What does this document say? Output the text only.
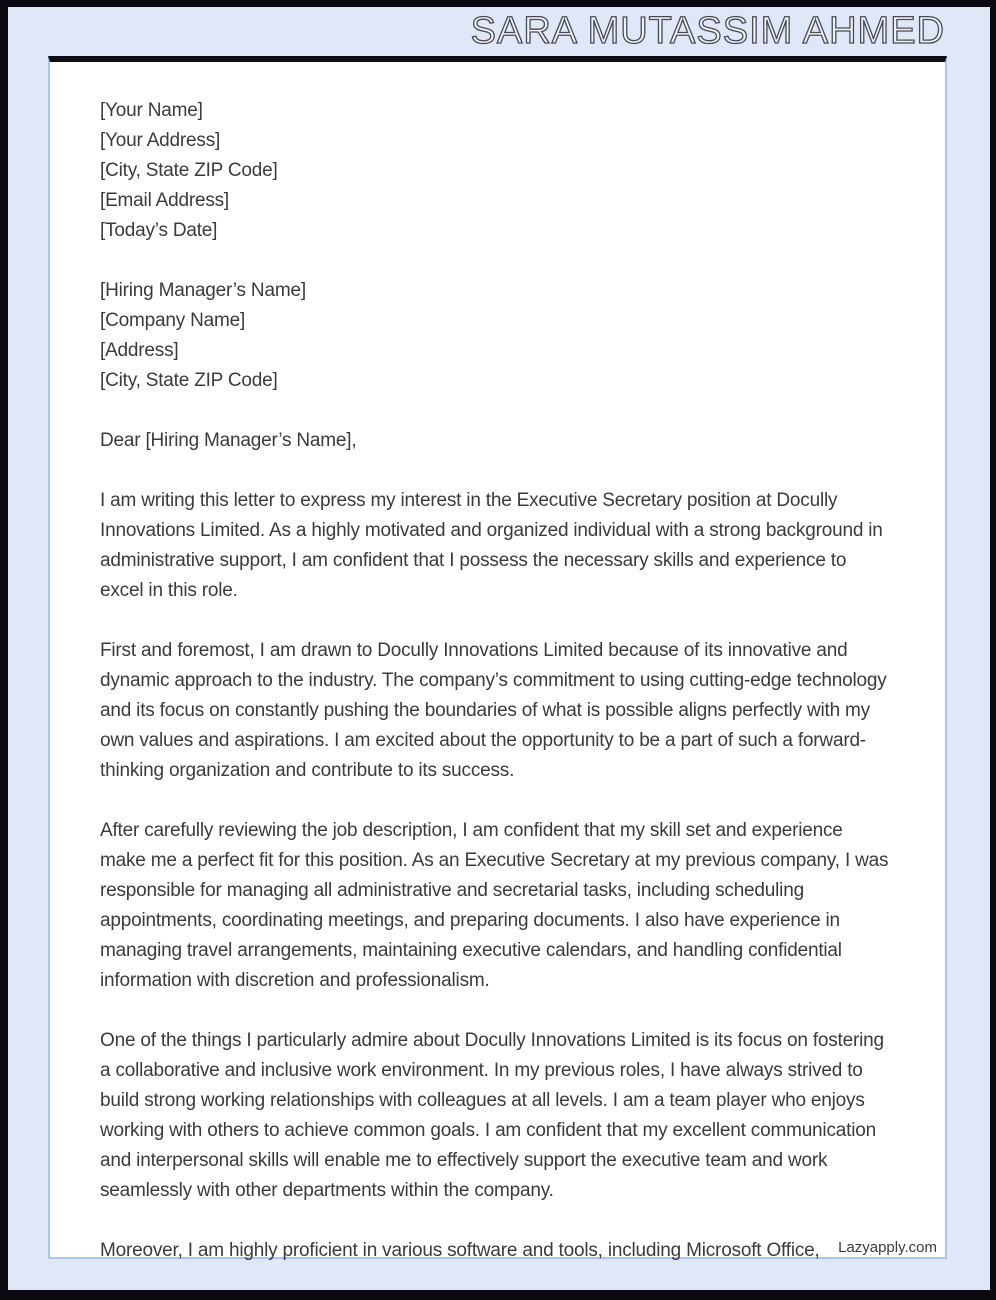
SARA MUTASSIM AHMED
[Your Name]
[Your Address]
[City, State ZIP Code]
[Email Address]
[Today’s Date]
[Hiring Manager’s Name]
[Company Name]
[Address]
[City, State ZIP Code]
Dear [Hiring Manager’s Name],

I am writing this letter to express my interest in the Executive Secretary position at Docully Innovations Limited. As a highly motivated and organized individual with a strong background in administrative support, I am confident that I possess the necessary skills and experience to excel in this role.

First and foremost, I am drawn to Docully Innovations Limited because of its innovative and dynamic approach to the industry. The company’s commitment to using cutting-edge technology and its focus on constantly pushing the boundaries of what is possible aligns perfectly with my own values and aspirations. I am excited about the opportunity to be a part of such a forward-thinking organization and contribute to its success.

After carefully reviewing the job description, I am confident that my skill set and experience make me a perfect fit for this position. As an Executive Secretary at my previous company, I was responsible for managing all administrative and secretarial tasks, including scheduling appointments, coordinating meetings, and preparing documents. I also have experience in managing travel arrangements, maintaining executive calendars, and handling confidential information with discretion and professionalism.

One of the things I particularly admire about Docully Innovations Limited is its focus on fostering a collaborative and inclusive work environment. In my previous roles, I have always strived to build strong working relationships with colleagues at all levels. I am a team player who enjoys working with others to achieve common goals. I am confident that my excellent communication and interpersonal skills will enable me to effectively support the executive team and work seamlessly with other departments within the company.

Moreover, I am highly proficient in various software and tools, including Microsoft Office,	Lazyapply.com
